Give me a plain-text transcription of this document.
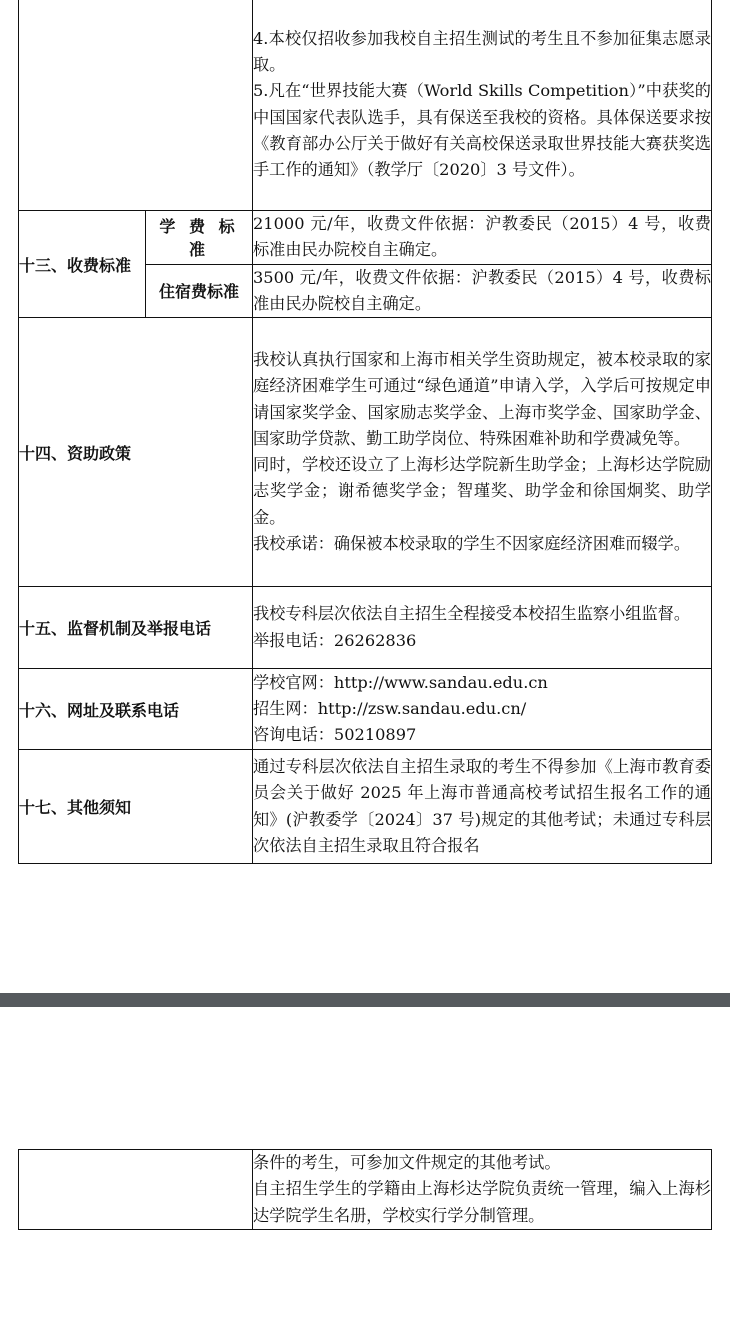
		4.本校仅招收参加我校自主招生测试的考生且不参加征集志愿录取。

5.凡在“世界技能大赛（World Skills Competition）”中获奖的中国国家代表队选手，具有保送至我校的资格。具体保送要求按《教育部办公厅关于做好有关高校保送录取世界技能大赛获奖选手工作的通知》（教学厅〔2020〕3 号文件）。

十三、收费标准	学 费 标 准	21000 元/年，收费文件依据：沪教委民（2015）4 号，收费标准由民办院校自主确定。
	住宿费标准	3500 元/年，收费文件依据：沪教委民（2015）4 号，收费标准由民办院校自主确定。
十四、资助政策		我校认真执行国家和上海市相关学生资助规定，被本校录取的家庭经济困难学生可通过“绿色通道”申请入学，入学后可按规定申请国家奖学金、国家励志奖学金、上海市奖学金、国家助学金、国家助学贷款、勤工助学岗位、特殊困难补助和学费减免等。

同时，学校还设立了上海杉达学院新生助学金；上海杉达学院励志奖学金；谢希德奖学金；智瑾奖、助学金和徐国炯奖、助学金。

我校承诺：确保被本校录取的学生不因家庭经济困难而辍学。

十五、监督机制及举报电话		我校专科层次依法自主招生全程接受本校招生监察小组监督。

举报电话：26262836

十六、网址及联系电话		学校官网：http://www.sandau.edu.cn

招生网：http://zsw.sandau.edu.cn/

咨询电话：50210897

十七、其他须知		通过专科层次依法自主招生录取的考生不得参加《上海市教育委员会关于做好 2025 年上海市普通高校考试招生报名工作的通知》(沪教委学〔2024〕37 号)规定的其他考试；未通过专科层次依法自主招生录取且符合报名

条件的考生，可参加文件规定的其他考试。

自主招生学生的学籍由上海杉达学院负责统一管理，编入上海杉达学院学生名册，学校实行学分制管理。
